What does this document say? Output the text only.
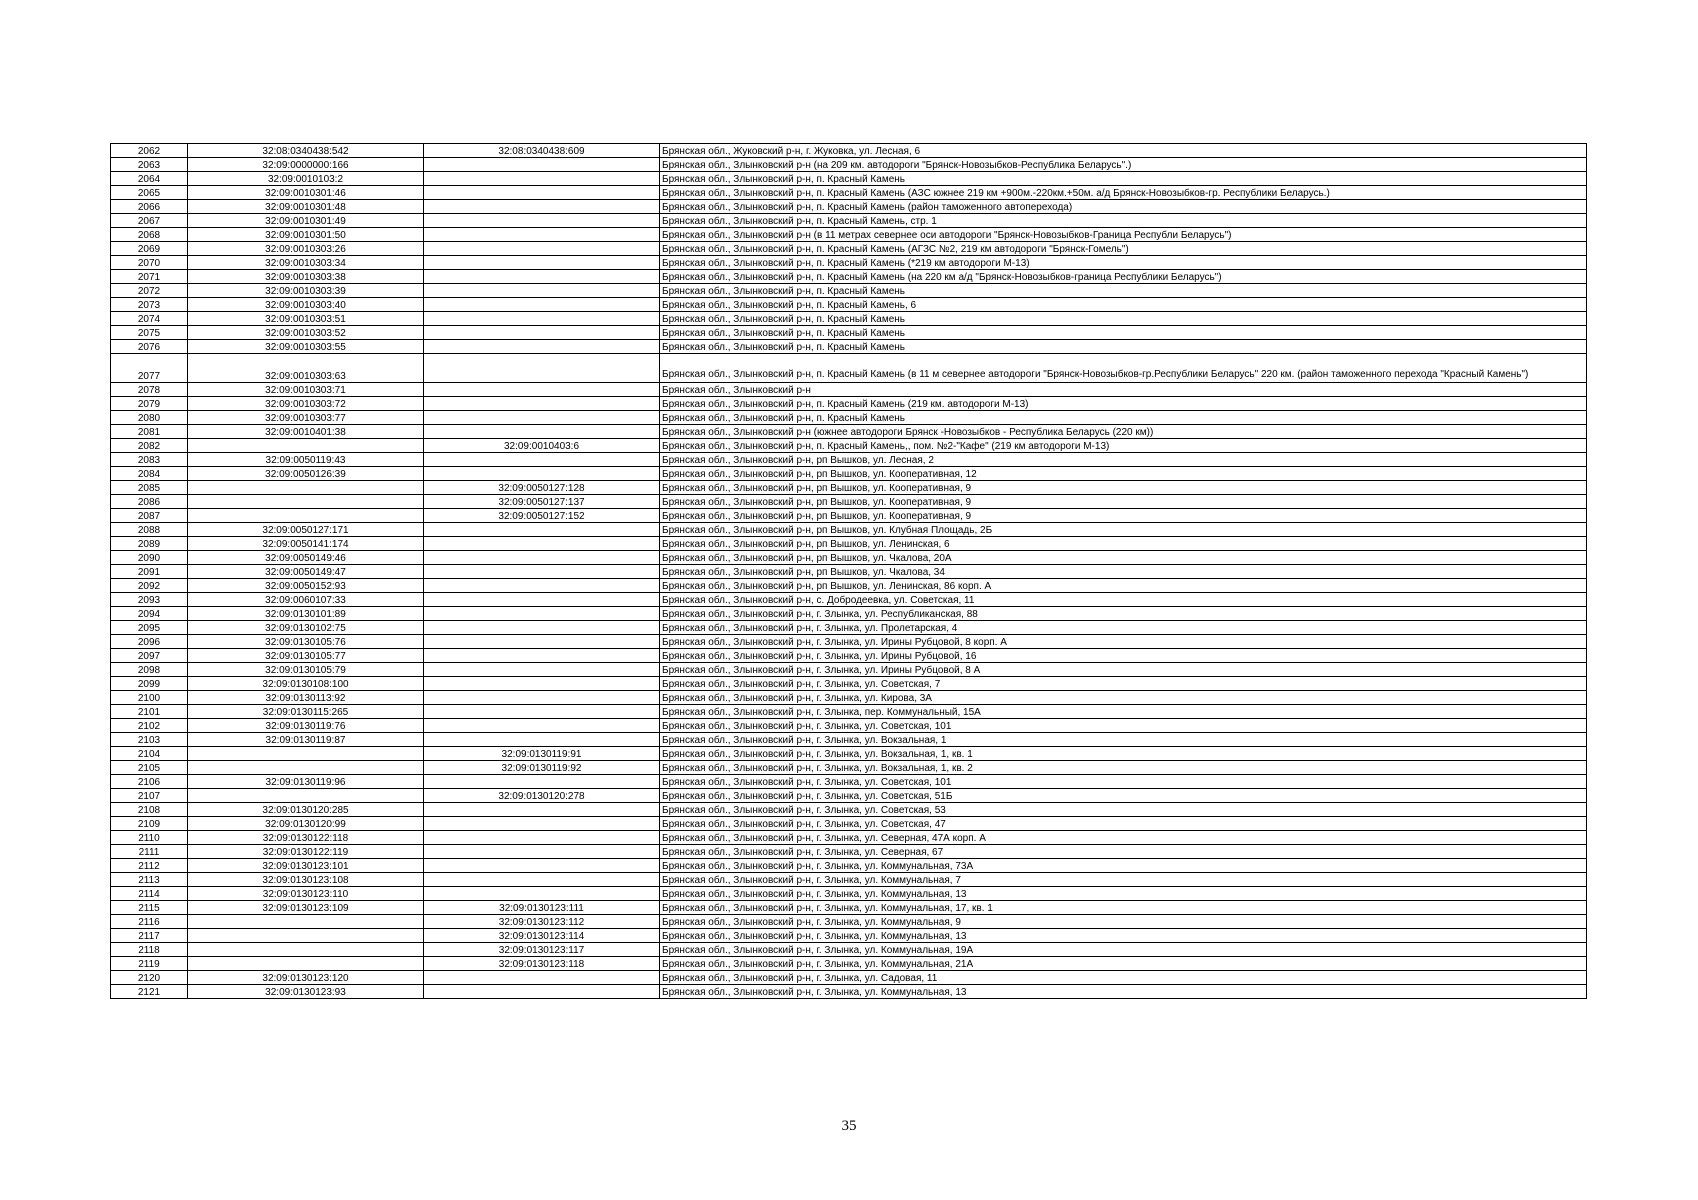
2062	32:08:0340438:542	32:08:0340438:609	Брянская обл., Жуковский р-н, г. Жуковка, ул. Лесная, 6
2063	32:09:0000000:166		Брянская обл., Злынковский р-н (на 209 км. автодороги "Брянск-Новозыбков-Республика Беларусь".)
2064	32:09:0010103:2		Брянская обл., Злынковский р-н, п. Красный Камень
2065	32:09:0010301:46		Брянская обл., Злынковский р-н, п. Красный Камень (АЗС южнее 219 км +900м.-220км.+50м. а/д Брянск-Новозыбков-гр. Республики Беларусь.)
2066	32:09:0010301:48		Брянская обл., Злынковский р-н, п. Красный Камень (район таможенного автоперехода)
2067	32:09:0010301:49		Брянская обл., Злынковский р-н, п. Красный Камень, стр. 1
2068	32:09:0010301:50		Брянская обл., Злынковский р-н (в 11 метрах севернее оси автодороги "Брянск-Новозыбков-Граница Республи Беларусь")
2069	32:09:0010303:26		Брянская обл., Злынковский р-н, п. Красный Камень (АГЗС №2, 219 км автодороги "Брянск-Гомель")
2070	32:09:0010303:34		Брянская обл., Злынковский р-н, п. Красный Камень (*219 км автодороги М-13)
2071	32:09:0010303:38		Брянская обл., Злынковский р-н, п. Красный Камень (на 220 км а/д "Брянск-Новозыбков-граница Республики Беларусь")
2072	32:09:0010303:39		Брянская обл., Злынковский р-н, п. Красный Камень
2073	32:09:0010303:40		Брянская обл., Злынковский р-н, п. Красный Камень, 6
2074	32:09:0010303:51		Брянская обл., Злынковский р-н, п. Красный Камень
2075	32:09:0010303:52		Брянская обл., Злынковский р-н, п. Красный Камень
2076	32:09:0010303:55		Брянская обл., Злынковский р-н, п. Красный Камень
2077	32:09:0010303:63		Брянская обл., Злынковский р-н, п. Красный Камень (в 11 м севернее автодороги "Брянск-Новозыбков-гр.Республики Беларусь" 220 км. (район таможенного перехода "Красный Камень")
2078	32:09:0010303:71		Брянская обл., Злынковский р-н
2079	32:09:0010303:72		Брянская обл., Злынковский р-н, п. Красный Камень (219 км. автодороги М-13)
2080	32:09:0010303:77		Брянская обл., Злынковский р-н, п. Красный Камень
2081	32:09:0010401:38		Брянская обл., Злынковский р-н (южнее автодороги Брянск -Новозыбков - Республика Беларусь (220 км))
2082		32:09:0010403:6	Брянская обл., Злынковский р-н, п. Красный Камень,, пом. №2-"Кафе" (219 км автодороги М-13)
2083	32:09:0050119:43		Брянская обл., Злынковский р-н, рп Вышков, ул. Лесная, 2
2084	32:09:0050126:39		Брянская обл., Злынковский р-н, рп Вышков, ул. Кооперативная, 12
2085		32:09:0050127:128	Брянская обл., Злынковский р-н, рп Вышков, ул. Кооперативная, 9
2086		32:09:0050127:137	Брянская обл., Злынковский р-н, рп Вышков, ул. Кооперативная, 9
2087		32:09:0050127:152	Брянская обл., Злынковский р-н, рп Вышков, ул. Кооперативная, 9
2088	32:09:0050127:171		Брянская обл., Злынковский р-н, рп Вышков, ул. Клубная Площадь, 2Б
2089	32:09:0050141:174		Брянская обл., Злынковский р-н, рп Вышков, ул. Ленинская, 6
2090	32:09:0050149:46		Брянская обл., Злынковский р-н, рп Вышков, ул. Чкалова, 20А
2091	32:09:0050149:47		Брянская обл., Злынковский р-н, рп Вышков, ул. Чкалова, 34
2092	32:09:0050152:93		Брянская обл., Злынковский р-н, рп Вышков, ул. Ленинская, 86 корп. А
2093	32:09:0060107:33		Брянская обл., Злынковский р-н, с. Добродеевка, ул. Советская, 11
2094	32:09:0130101:89		Брянская обл., Злынковский р-н, г. Злынка, ул. Республиканская, 88
2095	32:09:0130102:75		Брянская обл., Злынковский р-н, г. Злынка, ул. Пролетарская, 4
2096	32:09:0130105:76		Брянская обл., Злынковский р-н, г. Злынка, ул. Ирины Рубцовой, 8 корп. А
2097	32:09:0130105:77		Брянская обл., Злынковский р-н, г. Злынка, ул. Ирины Рубцовой, 16
2098	32:09:0130105:79		Брянская обл., Злынковский р-н, г. Злынка, ул. Ирины Рубцовой, 8 А
2099	32:09:0130108:100		Брянская обл., Злынковский р-н, г. Злынка, ул. Советская, 7
2100	32:09:0130113:92		Брянская обл., Злынковский р-н, г. Злынка, ул. Кирова, 3А
2101	32:09:0130115:265		Брянская обл., Злынковский р-н, г. Злынка, пер. Коммунальный, 15А
2102	32:09:0130119:76		Брянская обл., Злынковский р-н, г. Злынка, ул. Советская, 101
2103	32:09:0130119:87		Брянская обл., Злынковский р-н, г. Злынка, ул. Вокзальная, 1
2104		32:09:0130119:91	Брянская обл., Злынковский р-н, г. Злынка, ул. Вокзальная, 1, кв. 1
2105		32:09:0130119:92	Брянская обл., Злынковский р-н, г. Злынка, ул. Вокзальная, 1, кв. 2
2106	32:09:0130119:96		Брянская обл., Злынковский р-н, г. Злынка, ул. Советская, 101
2107		32:09:0130120:278	Брянская обл., Злынковский р-н, г. Злынка, ул. Советская, 51Б
2108	32:09:0130120:285		Брянская обл., Злынковский р-н, г. Злынка, ул. Советская, 53
2109	32:09:0130120:99		Брянская обл., Злынковский р-н, г. Злынка, ул. Советская, 47
2110	32:09:0130122:118		Брянская обл., Злынковский р-н, г. Злынка, ул. Северная, 47А корп. А
2111	32:09:0130122:119		Брянская обл., Злынковский р-н, г. Злынка, ул. Северная, 67
2112	32:09:0130123:101		Брянская обл., Злынковский р-н, г. Злынка, ул. Коммунальная, 73А
2113	32:09:0130123:108		Брянская обл., Злынковский р-н, г. Злынка, ул. Коммунальная, 7
2114	32:09:0130123:110		Брянская обл., Злынковский р-н, г. Злынка, ул. Коммунальная, 13
2115	32:09:0130123:109	32:09:0130123:111	Брянская обл., Злынковский р-н, г. Злынка, ул. Коммунальная, 17, кв. 1
2116		32:09:0130123:112	Брянская обл., Злынковский р-н, г. Злынка, ул. Коммунальная, 9
2117		32:09:0130123:114	Брянская обл., Злынковский р-н, г. Злынка, ул. Коммунальная, 13
2118		32:09:0130123:117	Брянская обл., Злынковский р-н, г. Злынка, ул. Коммунальная, 19А
2119		32:09:0130123:118	Брянская обл., Злынковский р-н, г. Злынка, ул. Коммунальная, 21А
2120	32:09:0130123:120		Брянская обл., Злынковский р-н, г. Злынка, ул. Садовая, 11
2121	32:09:0130123:93		Брянская обл., Злынковский р-н, г. Злынка, ул. Коммунальная, 13
35
